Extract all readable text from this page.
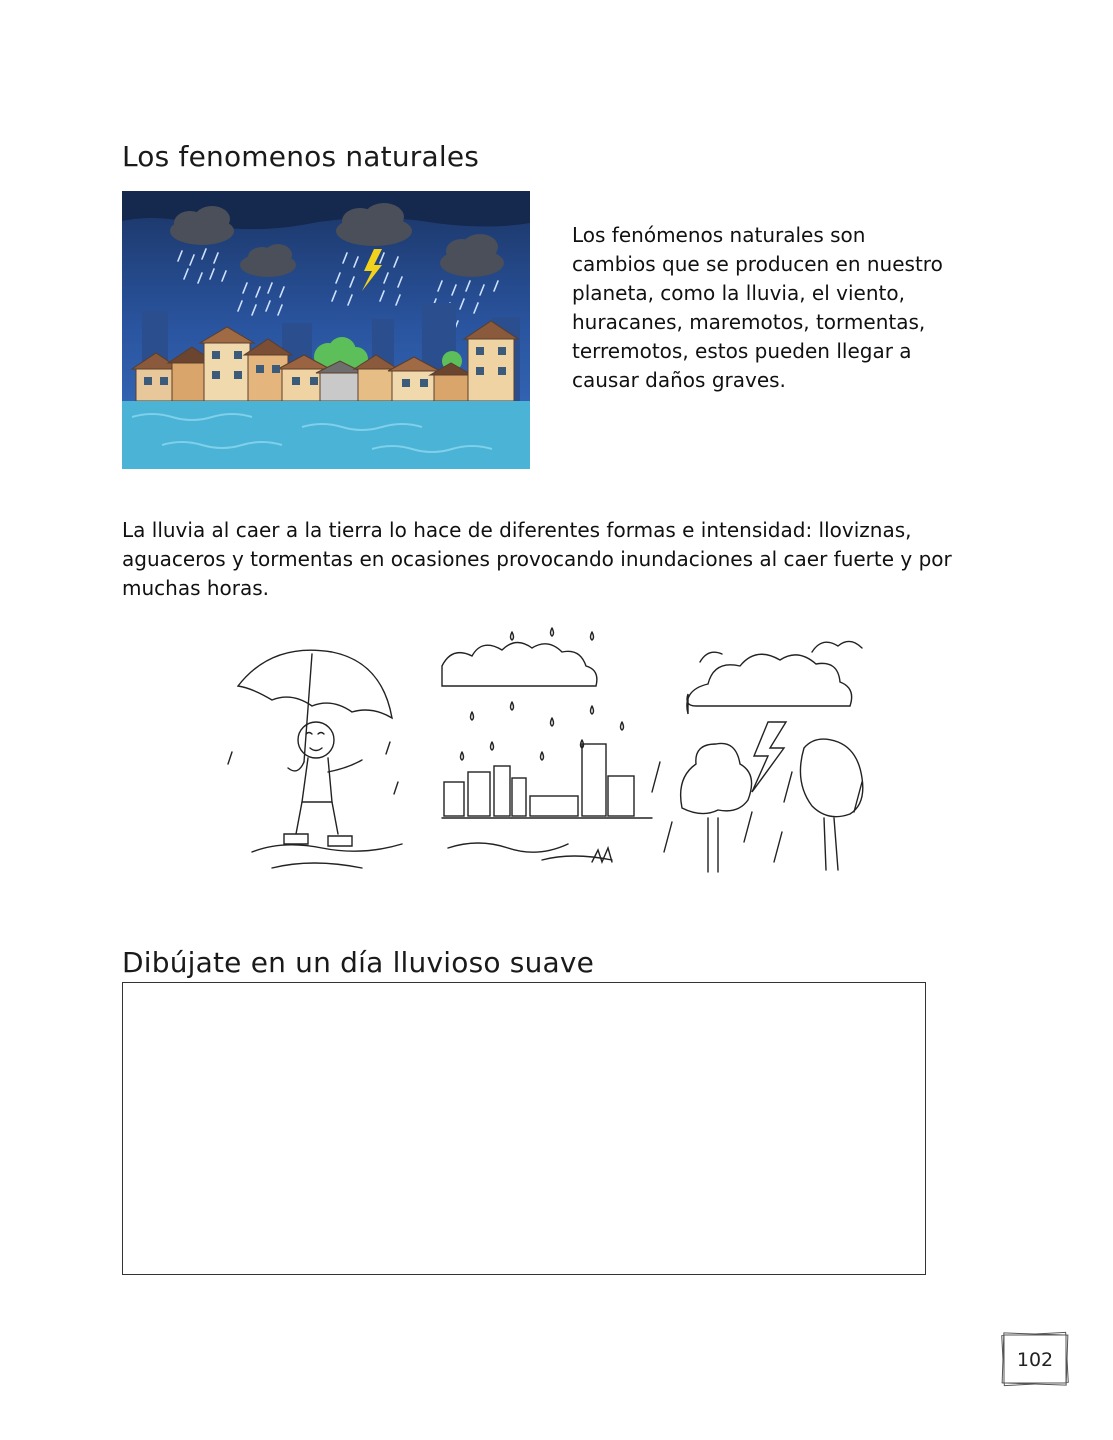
Los fenomenos naturales

Los fenómenos naturales son cambios que se producen en nuestro planeta, como la lluvia, el viento, huracanes, maremotos, tormentas, terremotos, estos pueden llegar a causar daños graves.

La lluvia al caer a la tierra lo hace de diferentes formas e intensidad: lloviznas, aguaceros y tormentas en ocasiones provocando inundaciones al caer fuerte y por muchas horas.

Dibújate en un día lluvioso suave
102
